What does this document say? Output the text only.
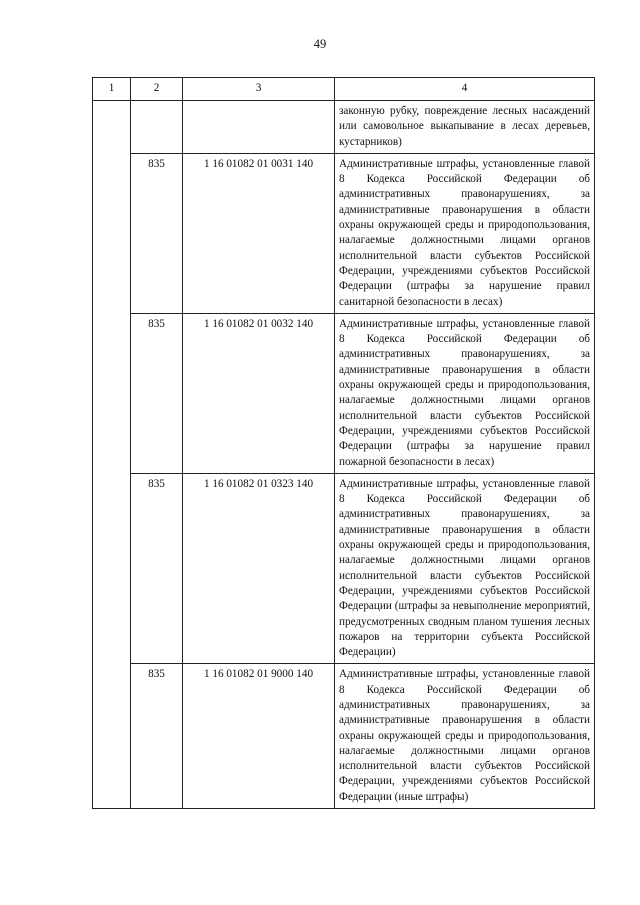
49
1	2	3	4
			законную рубку, повреждение лесных насаждений или самовольное выкапывание в лесах деревьев, кустарников)
	835	1 16 01082 01 0031 140	Административные штрафы, установленные главой 8 Кодекса Российской Федерации об административных правонарушениях, за административные правонарушения в области охраны окружающей среды и природопользования, налагаемые должностными лицами органов исполнительной власти субъектов Российской Федерации, учреждениями субъектов Российской Федерации (штрафы за нарушение правил санитарной безопасности в лесах)
	835	1 16 01082 01 0032 140	Административные штрафы, установленные главой 8 Кодекса Российской Федерации об административных правонарушениях, за административные правонарушения в области охраны окружающей среды и природопользования, налагаемые должностными лицами органов исполнительной власти субъектов Российской Федерации, учреждениями субъектов Российской Федерации (штрафы за нарушение правил пожарной безопасности в лесах)
	835	1 16 01082 01 0323 140	Административные штрафы, установленные главой 8 Кодекса Российской Федерации об административных правонарушениях, за административные правонарушения в области охраны окружающей среды и природопользования, налагаемые должностными лицами органов исполнительной власти субъектов Российской Федерации, учреждениями субъектов Российской Федерации (штрафы за невыполнение мероприятий, предусмотренных сводным планом тушения лесных пожаров на территории субъекта Российской Федерации)
	835	1 16 01082 01 9000 140	Административные штрафы, установленные главой 8 Кодекса Российской Федерации об административных правонарушениях, за административные правонарушения в области охраны окружающей среды и природопользования, налагаемые должностными лицами органов исполнительной власти субъектов Российской Федерации, учреждениями субъектов Российской Федерации (иные штрафы)
